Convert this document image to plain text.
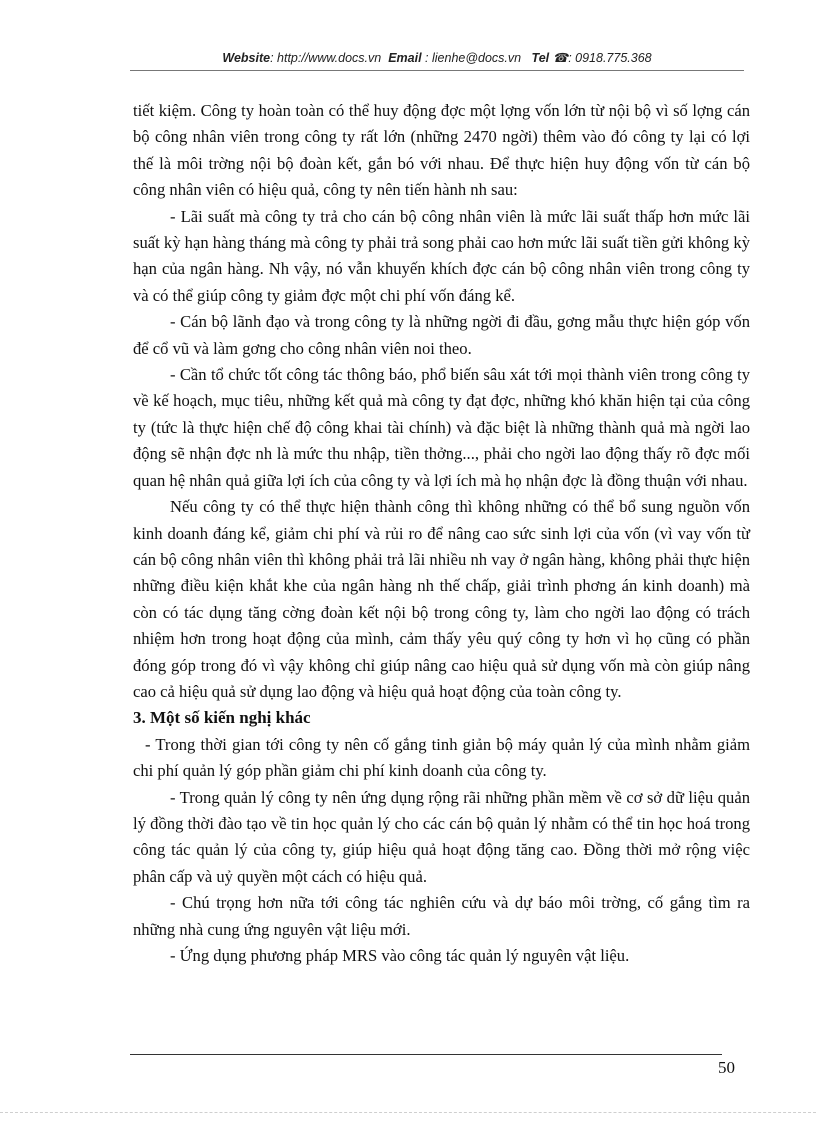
Website: http://www.docs.vn Email : lienhe@docs.vn Tel ☎: 0918.775.368

tiết kiệm. Công ty hoàn toàn có thể huy động đợc một lợng vốn lớn từ nội bộ vì số lợng cán bộ công nhân viên trong công ty rất lớn (những 2470 ngời) thêm vào đó công ty lại có lợi thế là môi trờng nội bộ đoàn kết, gắn bó với nhau. Để thực hiện huy động vốn từ cán bộ công nhân viên có hiệu quả, công ty nên tiến hành nh sau:

- Lãi suất mà công ty trả cho cán bộ công nhân viên là mức lãi suất thấp hơn mức lãi suất kỳ hạn hàng tháng mà công ty phải trả song phải cao hơn mức lãi suất tiền gửi không kỳ hạn của ngân hàng. Nh vậy, nó vẫn khuyến khích đợc cán bộ công nhân viên trong công ty và có thể giúp công ty giảm đợc một chi phí vốn đáng kể.

- Cán bộ lãnh đạo và trong công ty là những ngời đi đầu, gơng mẫu thực hiện góp vốn để cổ vũ và làm gơng cho công nhân viên noi theo.

- Cần tổ chức tốt công tác thông báo, phổ biến sâu xát tới mọi thành viên trong công ty về kế hoạch, mục tiêu, những kết quả mà công ty đạt đợc, những khó khăn hiện tại của công ty (tức là thực hiện chế độ công khai tài chính) và đặc biệt là những thành quả mà ngời lao động sẽ nhận đợc nh là mức thu nhập, tiền thởng..., phải cho ngời lao động thấy rõ đợc mối quan hệ nhân quả giữa lợi ích của công ty và lợi ích mà họ nhận đợc là đồng thuận với nhau.

Nếu công ty có thể thực hiện thành công thì không những có thể bổ sung nguồn vốn kinh doanh đáng kể, giảm chi phí và rủi ro để nâng cao sức sinh lợi của vốn (vì vay vốn từ cán bộ công nhân viên thì không phải trả lãi nhiều nh vay ở ngân hàng, không phải thực hiện những điều kiện khắt khe của ngân hàng nh thế chấp, giải trình phơng án kinh doanh) mà còn có tác dụng tăng cờng đoàn kết nội bộ trong công ty, làm cho ngời lao động có trách nhiệm hơn trong hoạt động của mình, cảm thấy yêu quý công ty hơn vì họ cũng có phần đóng góp trong đó vì vậy không chỉ giúp nâng cao hiệu quả sử dụng vốn mà còn giúp nâng cao cả hiệu quả sử dụng lao động và hiệu quả hoạt động của toàn công ty.

3. Một số kiến nghị khác

- Trong thời gian tới công ty nên cố gắng tinh giản bộ máy quản lý của mình nhằm giảm chi phí quản lý góp phần giảm chi phí kinh doanh của công ty.

- Trong quản lý công ty nên ứng dụng rộng rãi những phần mềm về cơ sở dữ liệu quản lý đồng thời đào tạo về tin học quản lý cho các cán bộ quản lý nhằm có thể tin học hoá trong công tác quản lý của công ty, giúp hiệu quả hoạt động tăng cao. Đồng thời mở rộng việc phân cấp và uỷ quyền một cách có hiệu quả.

- Chú trọng hơn nữa tới công tác nghiên cứu và dự báo môi trờng, cố gắng tìm ra những nhà cung ứng nguyên vật liệu mới.

- Ứng dụng phương pháp MRS vào công tác quản lý nguyên vật liệu.

50
